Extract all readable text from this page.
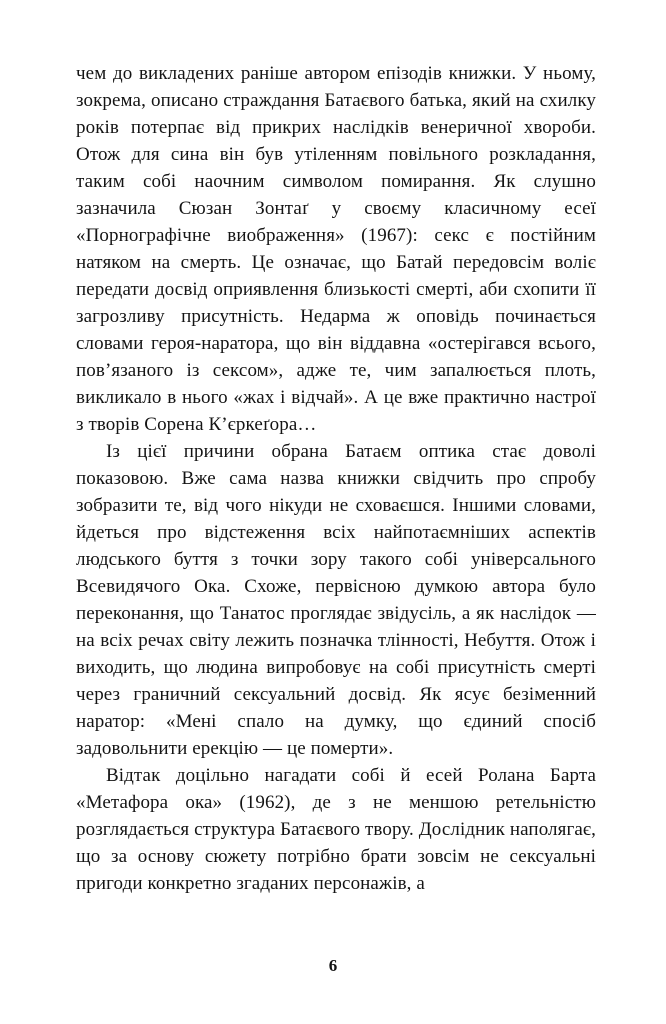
чем до викладених раніше автором епізодів книжки. У ньому, зокрема, описано страждання Батаєвого батька, який на схилку років потерпає від прикрих наслідків венеричної хвороби. Отож для сина він був утіленням повільного розкладання, таким собі наочним символом помирання. Як слушно зазначила Сюзан Зонтаґ у своєму класичному есеї «Порнографічне виображення» (1967): секс є постійним натяком на смерть. Це означає, що Батай передовсім воліє передати досвід оприявлення близькості смерті, аби схопити її загрозливу присутність. Недарма ж оповідь починається словами героя-наратора, що він віддавна «остерігався всього, пов’язаного із сексом», адже те, чим запалюється плоть, викликало в нього «жах і відчай». А це вже практично настрої з творів Сорена К’єркеґора…

Із цієї причини обрана Батаєм оптика стає доволі показовою. Вже сама назва книжки свідчить про спробу зобразити те, від чого нікуди не сховаєшся. Іншими словами, йдеться про відстеження всіх найпотаємніших аспектів людського буття з точки зору такого собі універсального Всевидячого Ока. Схоже, первісною думкою автора було переконання, що Танатос проглядає звідусіль, а як наслідок — на всіх речах світу лежить позначка тлінності, Небуття. Отож і виходить, що людина випробовує на собі присутність смерті через граничний сексуальний досвід. Як ясує безіменний наратор: «Мені спало на думку, що єдиний спосіб задовольнити ерекцію — це померти».

Відтак доцільно нагадати собі й есей Ролана Барта «Метафора ока» (1962), де з не меншою ретельністю розглядається структура Батаєвого твору. Дослідник наполягає, що за основу сюжету потрібно брати зовсім не сексуальні пригоди конкретно згаданих персонажів, а

6
